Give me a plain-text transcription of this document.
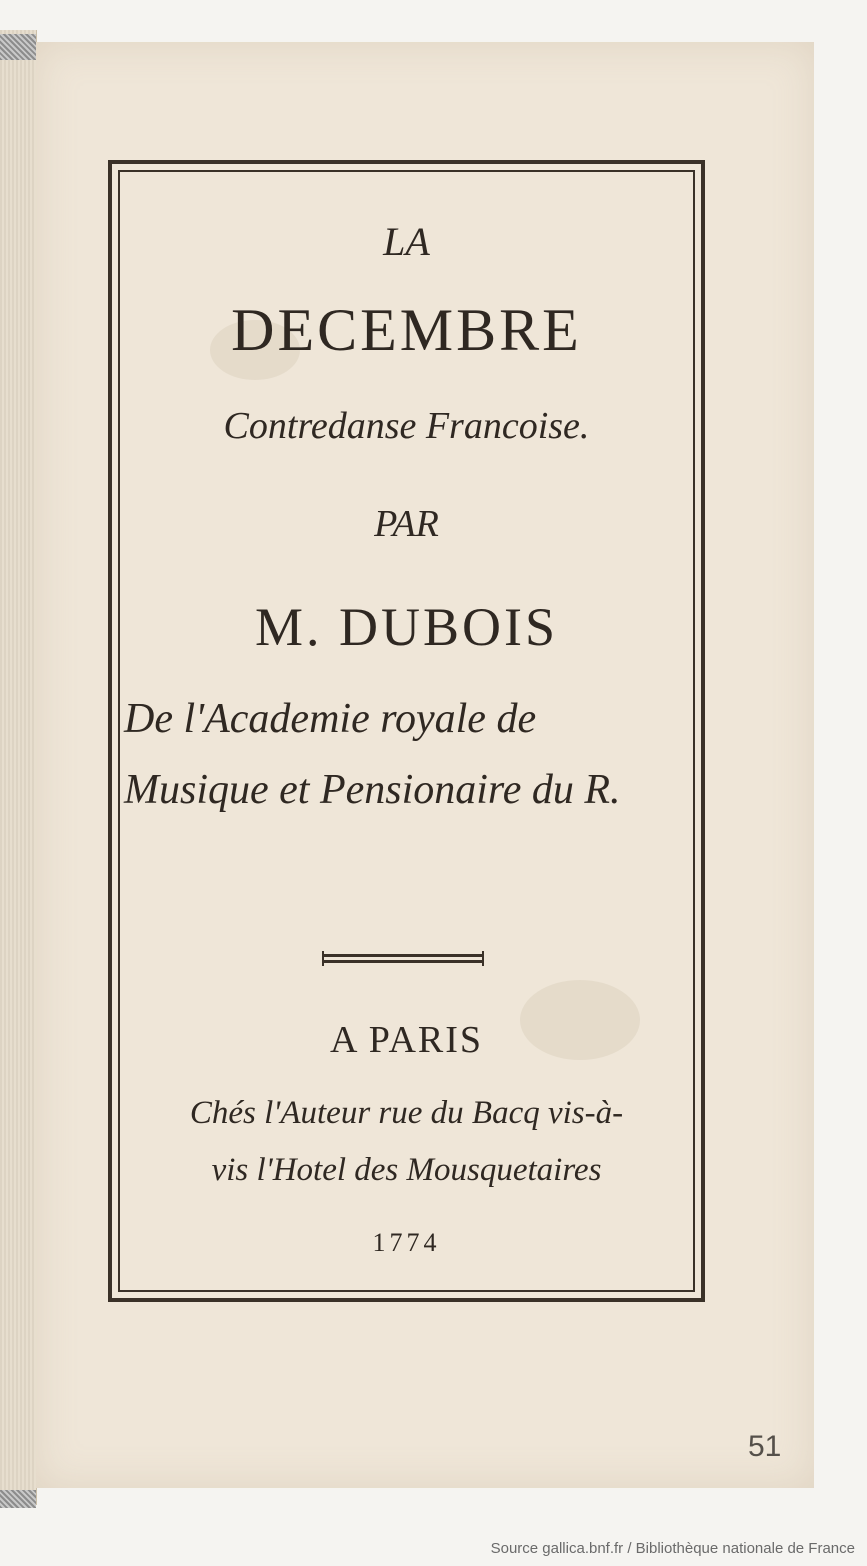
LA
DECEMBRE
Contredanse Francoise.
PAR
M. DUBOIS
De l'Academie royale de
Musique et Pensionaire du R.
A PARIS
Chés l'Auteur rue du Bacq vis-à-
vis l'Hotel des Mousquetaires
1774
51
Source gallica.bnf.fr / Bibliothèque nationale de France
